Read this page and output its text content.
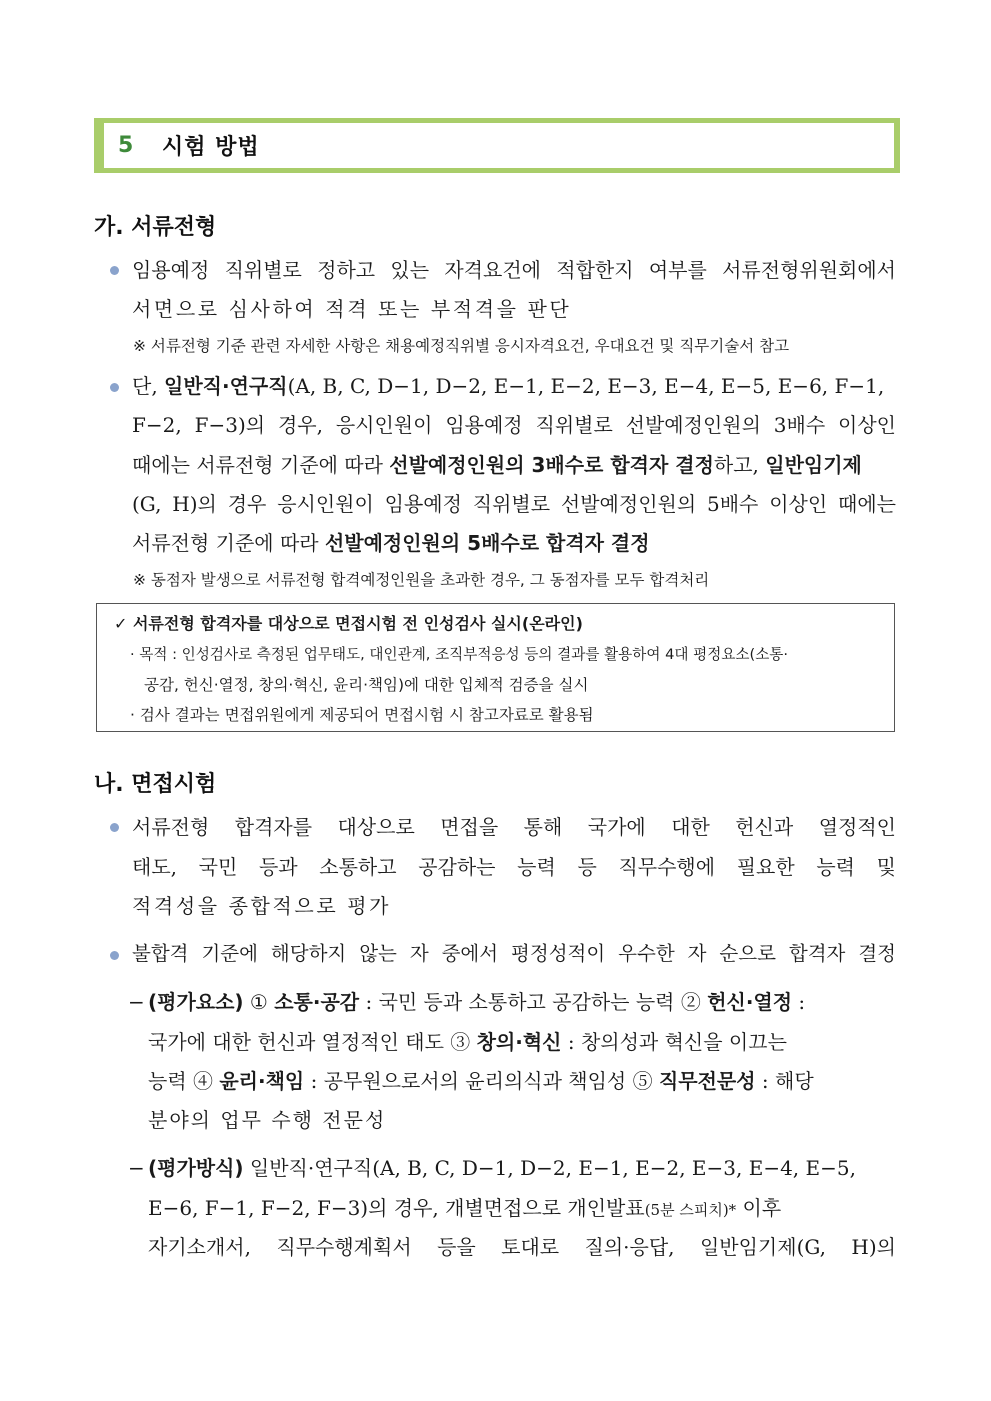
5	시험 방법
가. 서류전형
임용예정 직위별로 정하고 있는 자격요건에 적합한지 여부를 서류전형위원회에서
서면으로 심사하여 적격 또는 부적격을 판단
※ 서류전형 기준 관련 자세한 사항은 채용예정직위별 응시자격요건, 우대요건 및 직무기술서 참고
단, 일반직·연구직(A, B, C, D−1, D−2, E−1, E−2, E−3, E−4, E−5, E−6, F−1,
F−2, F−3)의 경우, 응시인원이 임용예정 직위별로 선발예정인원의 3배수 이상인
때에는 서류전형 기준에 따라 선발예정인원의 3배수로 합격자 결정하고, 일반임기제
(G, H)의 경우 응시인원이 임용예정 직위별로 선발예정인원의 5배수 이상인 때에는
서류전형 기준에 따라 선발예정인원의 5배수로 합격자 결정
※ 동점자 발생으로 서류전형 합격예정인원을 초과한 경우, 그 동점자를 모두 합격처리
✓ 서류전형 합격자를 대상으로 면접시험 전 인성검사 실시(온라인)
· 목적 : 인성검사로 측정된 업무태도, 대인관계, 조직부적응성 등의 결과를 활용하여 4대 평정요소(소통·
공감, 헌신·열정, 창의·혁신, 윤리·책임)에 대한 입체적 검증을 실시
· 검사 결과는 면접위원에게 제공되어 면접시험 시 참고자료로 활용됨
나. 면접시험
서류전형 합격자를 대상으로 면접을 통해 국가에 대한 헌신과 열정적인
태도, 국민 등과 소통하고 공감하는 능력 등 직무수행에 필요한 능력 및
적격성을 종합적으로 평가
불합격 기준에 해당하지 않는 자 중에서 평정성적이 우수한 자 순으로 합격자 결정
− (평가요소) ① 소통·공감 : 국민 등과 소통하고 공감하는 능력 ② 헌신·열정 :
국가에 대한 헌신과 열정적인 태도 ③ 창의·혁신 : 창의성과 혁신을 이끄는
능력 ④ 윤리·책임 : 공무원으로서의 윤리의식과 책임성 ⑤ 직무전문성 : 해당
분야의 업무 수행 전문성
− (평가방식) 일반직·연구직(A, B, C, D−1, D−2, E−1, E−2, E−3, E−4, E−5,
E−6, F−1, F−2, F−3)의 경우, 개별면접으로 개인발표(5분 스피치)* 이후
자기소개서, 직무수행계획서 등을 토대로 질의·응답, 일반임기제(G, H)의
